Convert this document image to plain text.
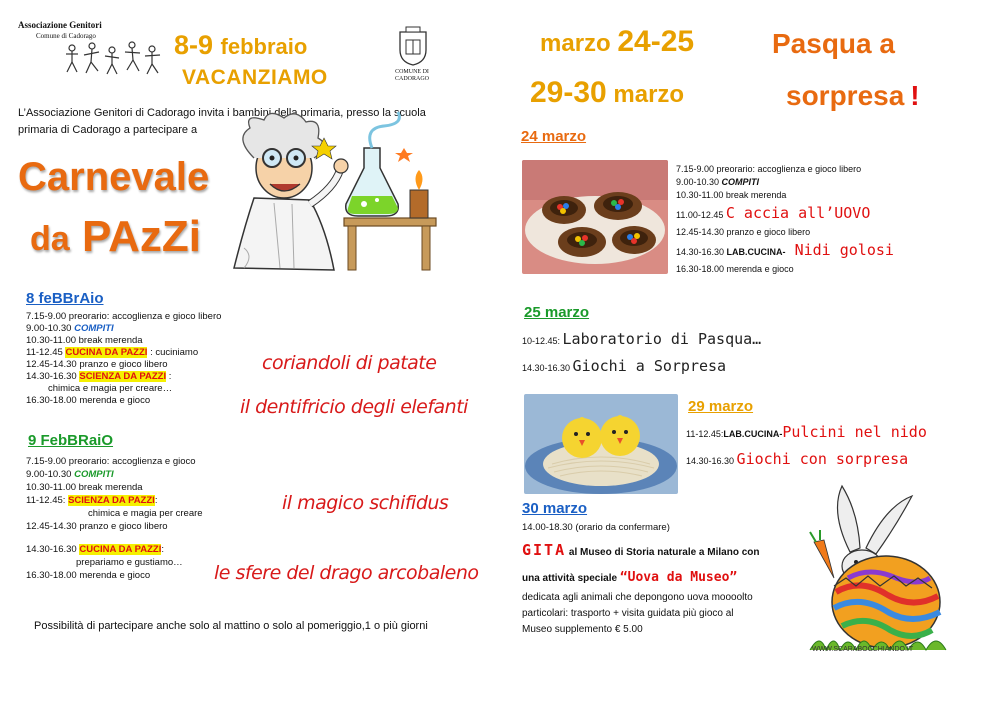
Associazione Genitori
Comune di Cadorago	8-9 febbraio
VACANZIAMO	COMUNE DI CADORAGO
L’Associazione Genitori di Cadorago invita i bambini della primaria, presso la scuola primaria di Cadorago a partecipare a
Carnevale
da PAzZi
8 feBBrAio
7.15-9.00 preorario: accoglienza e gioco libero
9.00-10.30 COMPITI
10.30-11.00 break merenda
11-12.45 CUCINA DA PAZZI : cuciniamo
12.45-14.30 pranzo e gioco libero
14.30-16.30 SCIENZA DA PAZZI :
chimica e magia per creare…
16.30-18.00 merenda e gioco
9 FebBRaiO
7.15-9.00 preorario: accoglienza e gioco
9.00-10.30 COMPITI
10.30-11.00 break merenda
11-12.45: SCIENZA DA PAZZI:
chimica e magia per creare
12.45-14.30 pranzo e gioco libero
14.30-16.30 CUCINA DA PAZZI:
prepariamo e gustiamo…
16.30-18.00 merenda e gioco
coriandoli di patate
il dentifricio degli elefanti
il magico schifidus
le sfere del drago arcobaleno
Possibilità di partecipare anche solo al mattino o solo al pomeriggio,1 o più giorni
marzo 24-25
29-30 marzo
Pasqua a
sorpresa !
24 marzo
7.15-9.00 preorario: accoglienza e gioco libero
9.00-10.30 COMPITI
10.30-11.00 break merenda
11.00-12.45 C accia all’UOVO
12.45-14.30 pranzo e gioco libero
14.30-16.30 LAB.CUCINA- Nidi golosi
16.30-18.00 merenda e gioco
25 marzo
10-12.45: Laboratorio di Pasqua…
14.30-16.30 Giochi a Sorpresa
29 marzo
11-12.45:LAB.CUCINA-Pulcini nel nido
14.30-16.30 Giochi con sorpresa
30 marzo
14.00-18.30 (orario da confermare)
GITA al Museo di Storia naturale a Milano con
una attività speciale “Uova da Museo”
dedicata agli animali che depongono uova moooolto
particolari: trasporto + visita guidata più gioco al
Museo supplemento € 5.00
WWW.SCARABOCCHIANDO.IT
